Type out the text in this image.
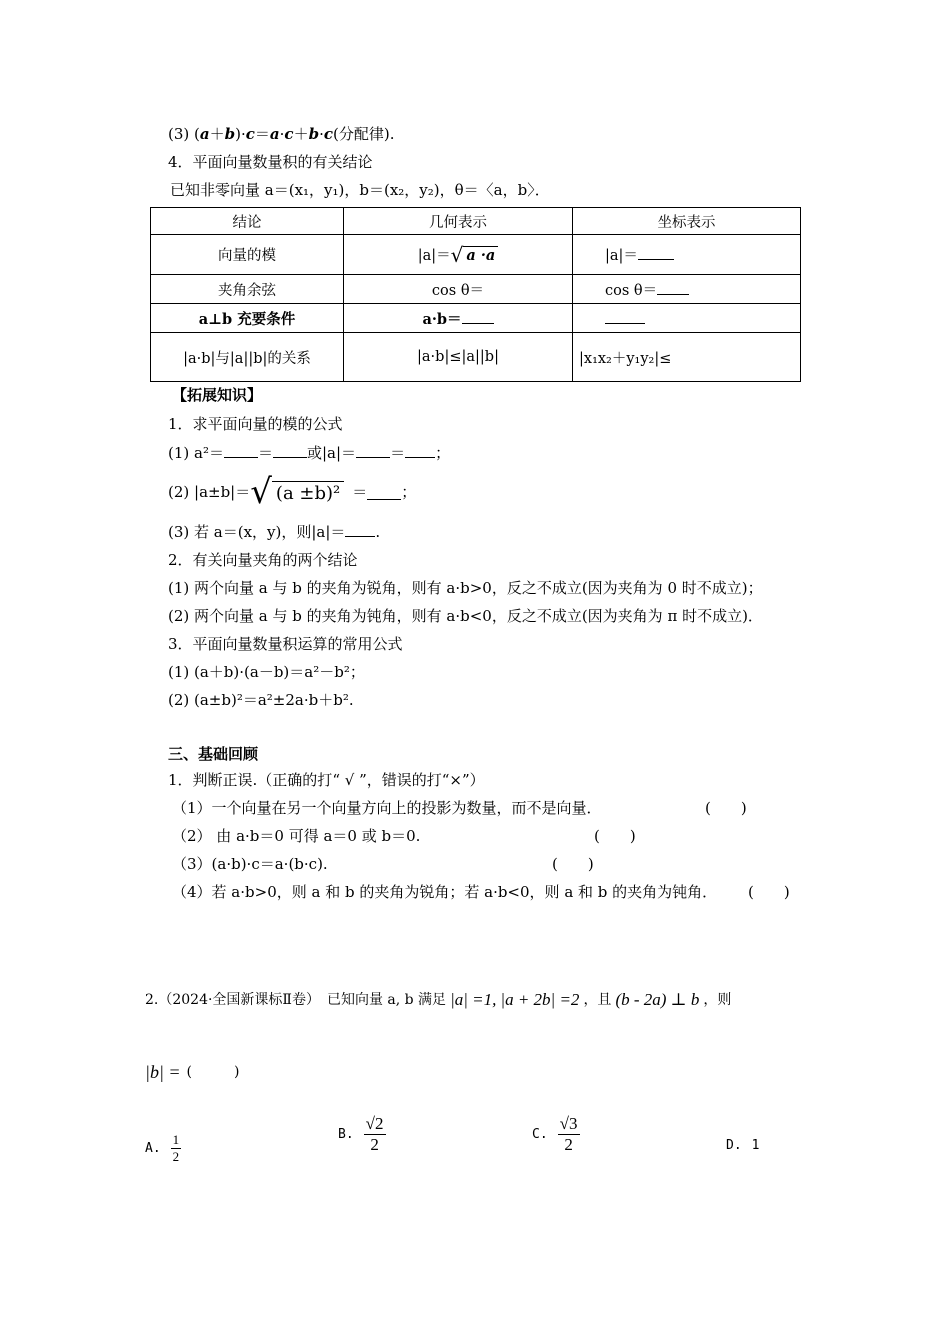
(3) (a＋b)·c＝a·c＋b·c(分配律).
4．平面向量数量积的有关结论
已知非零向量 a＝(x₁，y₁)，b＝(x₂，y₂)，θ＝〈a，b〉．
结论	几何表示	坐标表示
向量的模	|a|＝√ a ·a	|a|＝
夹角余弦	cos θ＝	cos θ＝
a⊥b 充要条件	a·b＝	
|a·b|与|a||b|的关系	|a·b|≤|a||b|	|x₁x₂＋y₁y₂|≤
【拓展知识】
1．求平面向量的模的公式
(1) a²＝ ＝ 或|a|＝ ＝ ；
(2) |a±b|＝ √ (a ±b)² ＝ ；
(3) 若 a＝(x，y)，则|a|＝ .
2．有关向量夹角的两个结论
(1) 两个向量 a 与 b 的夹角为锐角，则有 a·b>0，反之不成立(因为夹角为 0 时不成立)；
(2) 两个向量 a 与 b 的夹角为钝角，则有 a·b<0，反之不成立(因为夹角为 π 时不成立)．
3．平面向量数量积运算的常用公式
(1) (a＋b)·(a－b)＝a²－b²；
(2) (a±b)²＝a²±2a·b＋b².
三、基础回顾
1．判断正误.（正确的打“ √ ”，错误的打“×”）
（1）一个向量在另一个向量方向上的投影为数量，而不是向量．	(　　)
（2） 由 a·b＝0 可得 a＝0 或 b＝0.	(　　)
（3）(a·b)·c＝a·(b·c).	(　　)
（4）若 a·b>0，则 a 和 b 的夹角为锐角；若 a·b<0，则 a 和 b 的夹角为钝角． (　　)
2.（2024·全国新课标Ⅱ卷）　已知向量 a, b 满足 |a| =1, |a + 2b| =2 ，且 (b - 2a) ⊥ b ，则
|b| = (　　　)
A. $\frac{1}{2}$	B. $\frac{√2}{2}$	C. $\frac{√3}{2}$	D. 1
